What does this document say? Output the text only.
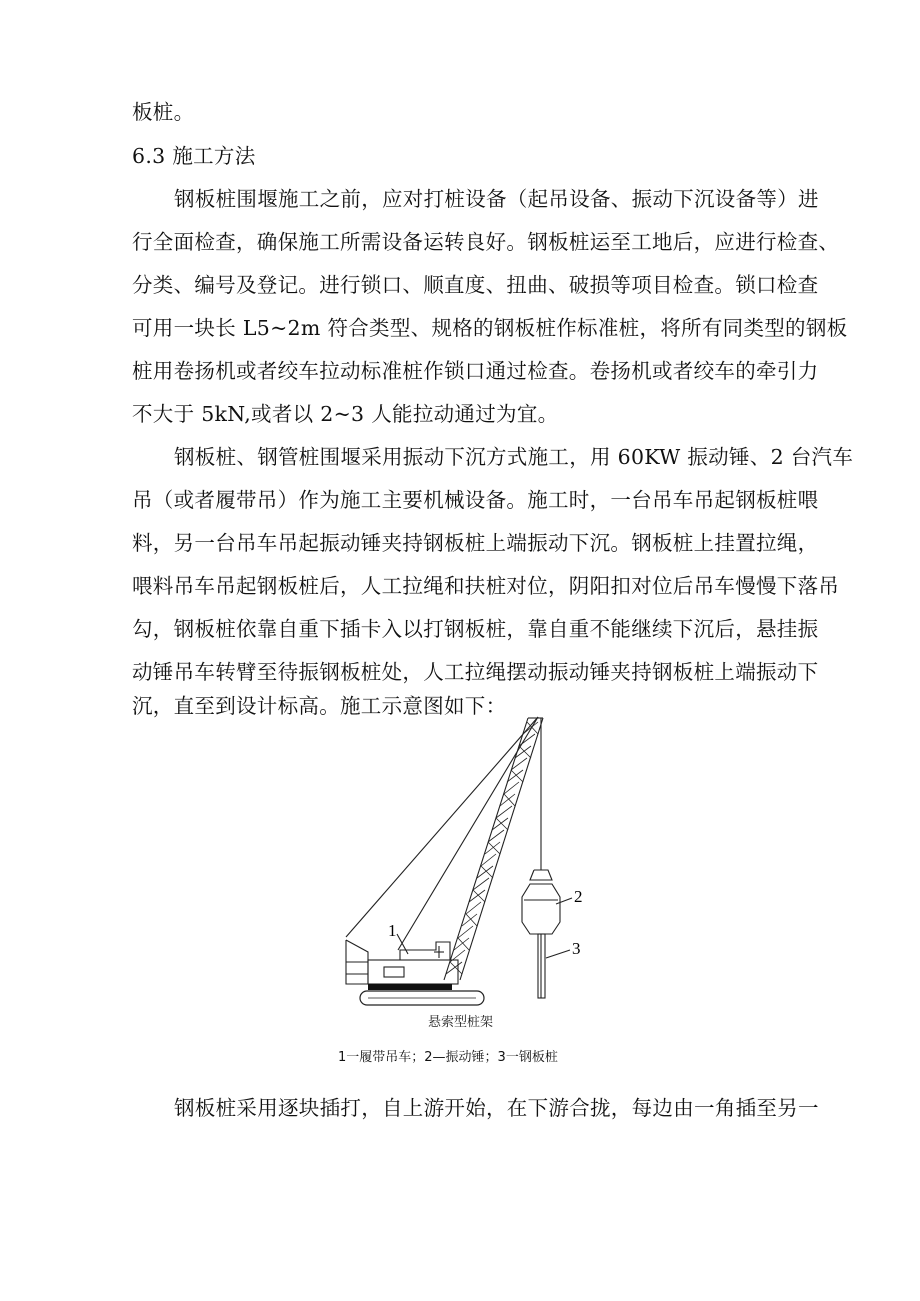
板桩。
6.3 施工方法
钢板桩围堰施工之前，应对打桩设备（起吊设备、振动下沉设备等）进
行全面检查，确保施工所需设备运转良好。钢板桩运至工地后，应进行检查、
分类、编号及登记。进行锁口、顺直度、扭曲、破损等项目检查。锁口检查
可用一块长 L5~2m 符合类型、规格的钢板桩作标准桩，将所有同类型的钢板
桩用卷扬机或者绞车拉动标准桩作锁口通过检查。卷扬机或者绞车的牵引力
不大于 5kN,或者以 2~3 人能拉动通过为宜。
钢板桩、钢管桩围堰采用振动下沉方式施工，用 60KW 振动锤、2 台汽车
吊（或者履带吊）作为施工主要机械设备。施工时，一台吊车吊起钢板桩喂
料，另一台吊车吊起振动锤夹持钢板桩上端振动下沉。钢板桩上挂置拉绳，
喂料吊车吊起钢板桩后，人工拉绳和扶桩对位，阴阳扣对位后吊车慢慢下落吊
勾，钢板桩依靠自重下插卡入以打钢板桩，靠自重不能继续下沉后，悬挂振
动锤吊车转臂至待振钢板桩处，人工拉绳摆动振动锤夹持钢板桩上端振动下
沉，直至到设计标高。施工示意图如下：
1
2
3
悬索型桩架
1一履带吊车；2—振动锤；3一钢板桩
钢板桩采用逐块插打，自上游开始，在下游合拢，每边由一角插至另一
